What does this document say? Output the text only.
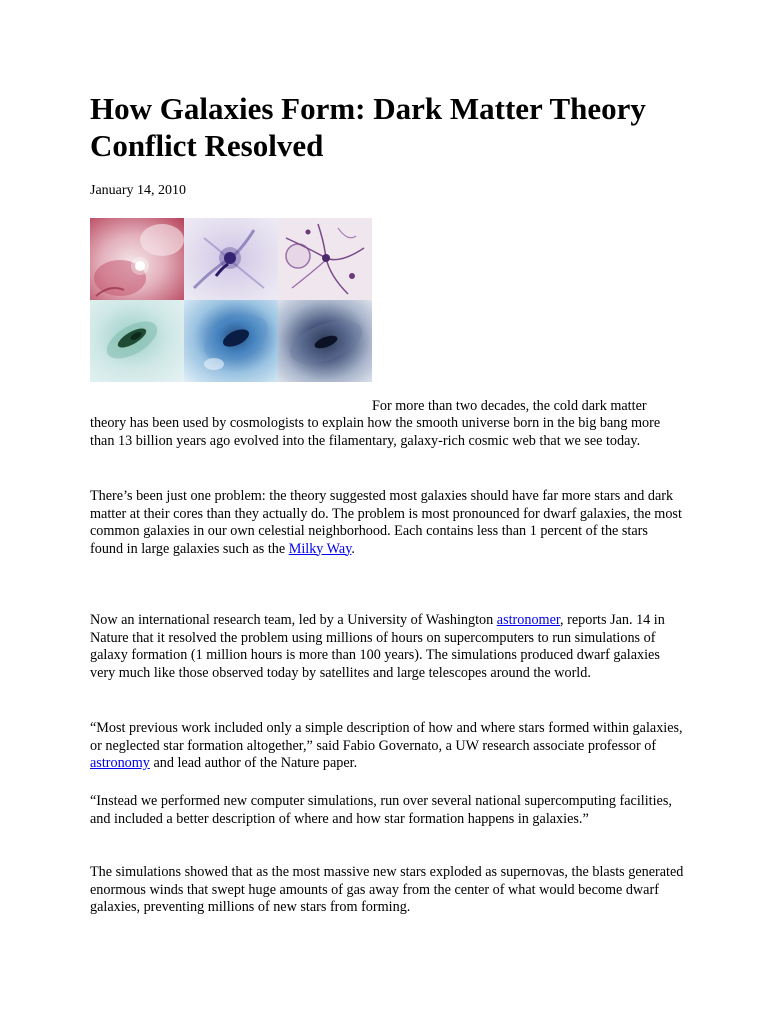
How Galaxies Form: Dark Matter Theory Conflict Resolved

January 14, 2010

For more than two decades, the cold dark matter

theory has been used by cosmologists to explain how the smooth universe born in the big bang more than 13 billion years ago evolved into the filamentary, galaxy-rich cosmic web that we see today.

There’s been just one problem: the theory suggested most galaxies should have far more stars and dark matter at their cores than they actually do. The problem is most pronounced for dwarf galaxies, the most common galaxies in our own celestial neighborhood. Each contains less than 1 percent of the stars found in large galaxies such as the Milky Way.

Now an international research team, led by a University of Washington astronomer, reports Jan. 14 in Nature that it resolved the problem using millions of hours on supercomputers to run simulations of galaxy formation (1 million hours is more than 100 years). The simulations produced dwarf galaxies very much like those observed today by satellites and large telescopes around the world.

“Most previous work included only a simple description of how and where stars formed within galaxies, or neglected star formation altogether,” said Fabio Governato, a UW research associate professor of astronomy and lead author of the Nature paper.

“Instead we performed new computer simulations, run over several national supercomputing facilities, and included a better description of where and how star formation happens in galaxies.”

The simulations showed that as the most massive new stars exploded as supernovas, the blasts generated enormous winds that swept huge amounts of gas away from the center of what would become dwarf galaxies, preventing millions of new stars from forming.
